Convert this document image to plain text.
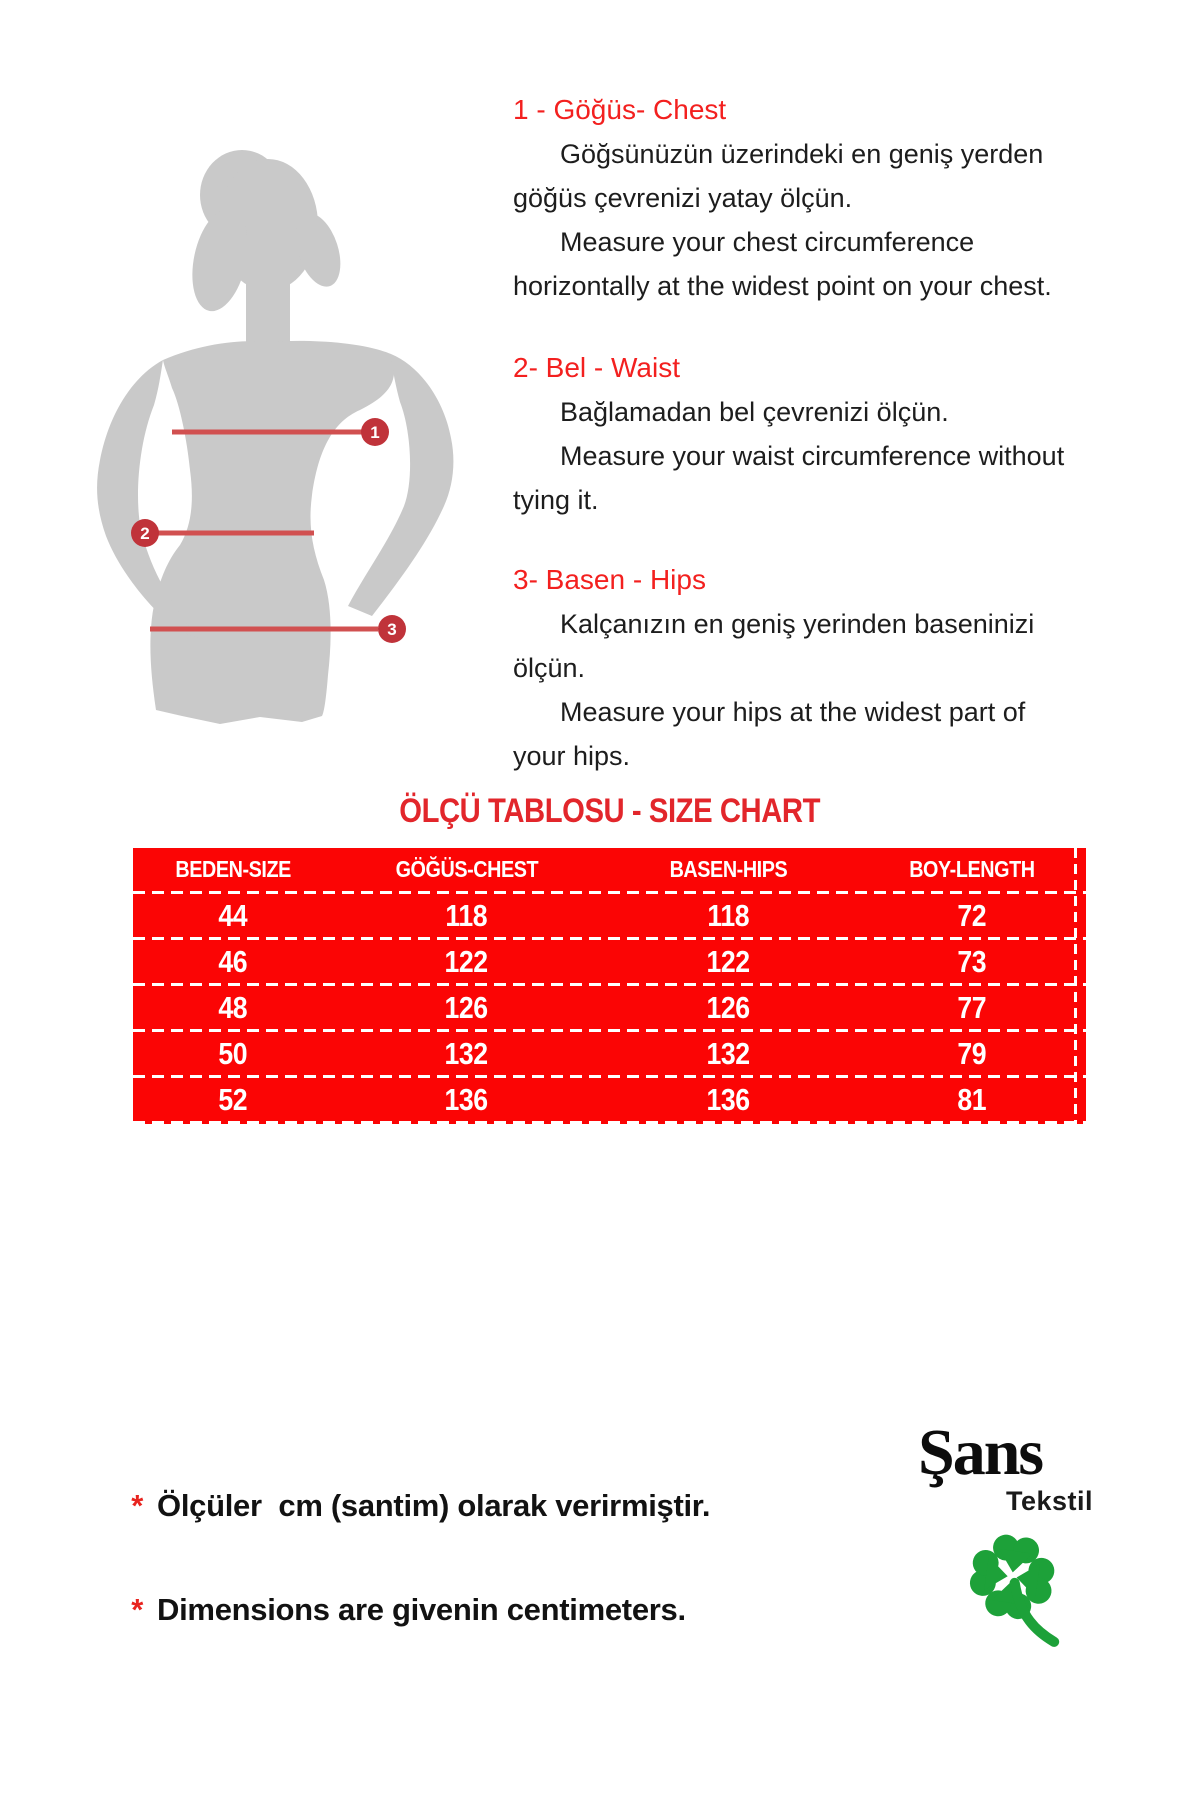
1
2
3
1 - Göğüs- Chest
Göğsünüzün üzerindeki en geniş yerden
göğüs çevrenizi yatay ölçün.
Measure your chest circumference
horizontally at the widest point on your chest.
2- Bel - Waist
Bağlamadan bel çevrenizi ölçün.
Measure your waist circumference without
tying it.
3- Basen - Hips
Kalçanızın en geniş yerinden baseninizi
ölçün.
Measure your hips at the widest part of
your hips.
ÖLÇÜ TABLOSU - SIZE CHART
BEDEN-SIZE	GÖĞÜS-CHEST	BASEN-HIPS	BOY-LENGTH
44	118	118	72
46	122	122	73
48	126	126	77
50	132	132	79
52	136	136	81

* Ölçüler  cm (santim) olarak verirmiştir.

* Dimensions are givenin centimeters.

Şans
Tekstil
